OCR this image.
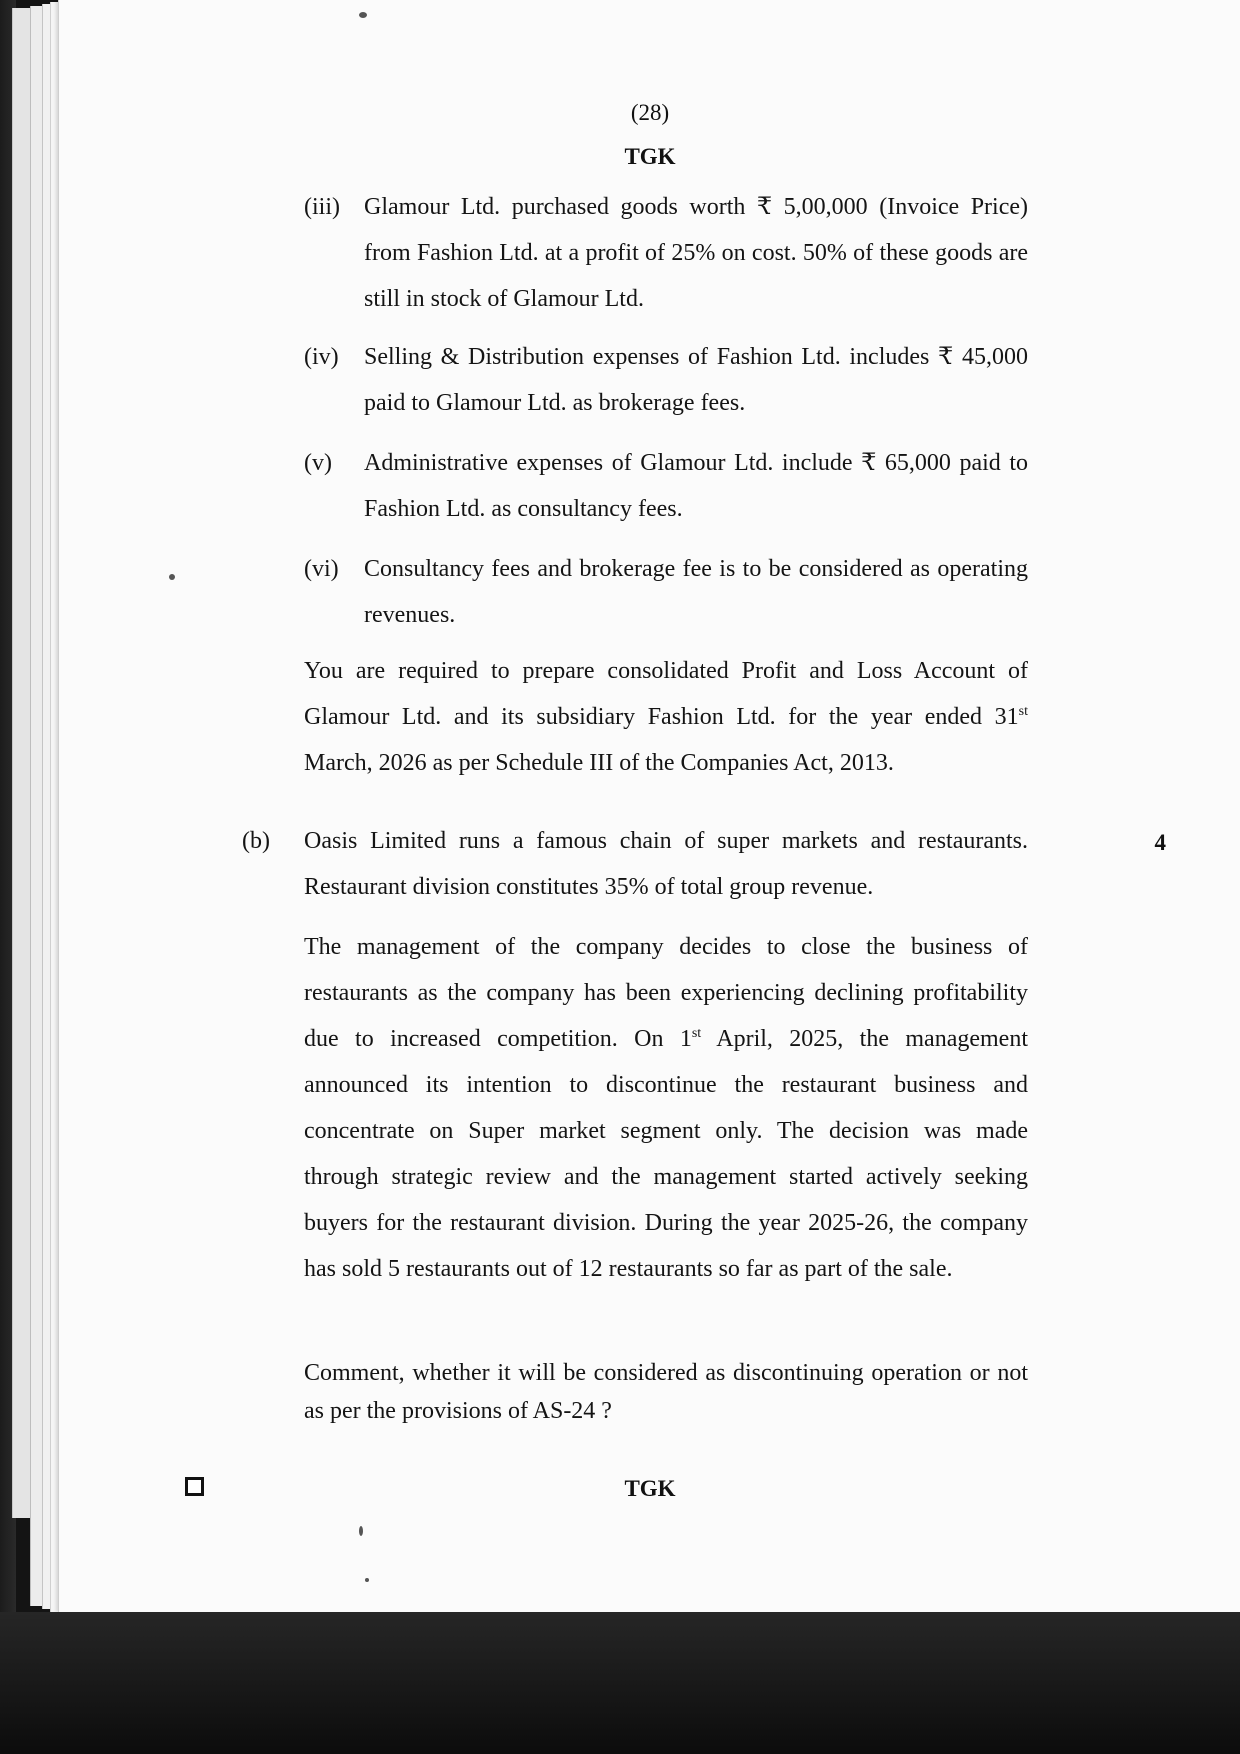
(28)
TGK
(iii) Glamour Ltd. purchased goods worth ₹ 5,00,000 (Invoice Price) from Fashion Ltd. at a profit of 25% on cost. 50% of these goods are still in stock of Glamour Ltd.
(iv) Selling & Distribution expenses of Fashion Ltd. includes ₹ 45,000 paid to Glamour Ltd. as brokerage fees.
(v) Administrative expenses of Glamour Ltd. include ₹ 65,000 paid to Fashion Ltd. as consultancy fees.
(vi) Consultancy fees and brokerage fee is to be considered as operating revenues.
You are required to prepare consolidated Profit and Loss Account of Glamour Ltd. and its subsidiary Fashion Ltd. for the year ended 31st March, 2026 as per Schedule III of the Companies Act, 2013.
(b)	4
Oasis Limited runs a famous chain of super markets and restaurants. Restaurant division constitutes 35% of total group revenue.
The management of the company decides to close the business of restaurants as the company has been experiencing declining profitability due to increased competition. On 1st April, 2025, the management announced its intention to discontinue the restaurant business and concentrate on Super market segment only. The decision was made through strategic review and the management started actively seeking buyers for the restaurant division. During the year 2025-26, the company has sold 5 restaurants out of 12 restaurants so far as part of the sale.
Comment, whether it will be considered as discontinuing operation or not as per the provisions of AS-24 ?
TGK
